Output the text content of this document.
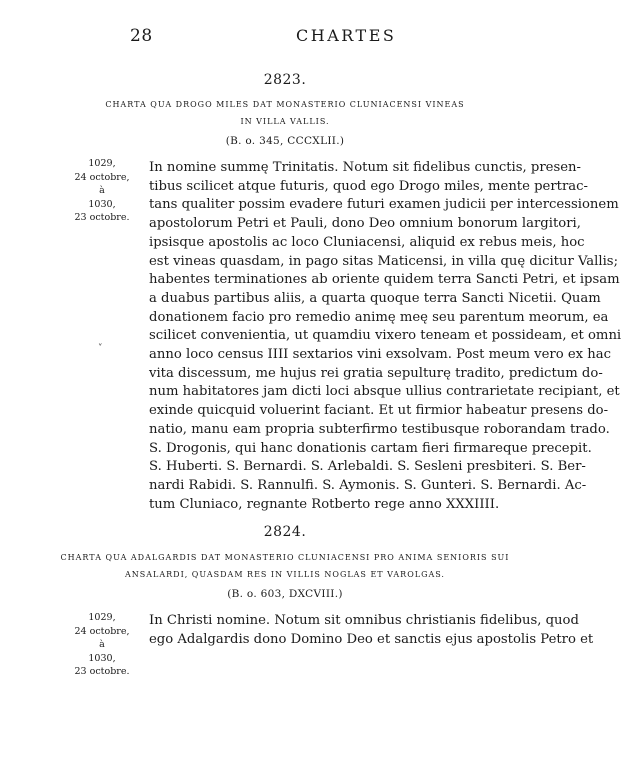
28	CHARTES
2823.
CHARTA QUA DROGO MILES DAT MONASTERIO CLUNIACENSI VINEAS
IN VILLA VALLIS.
(B. o. 345, CCCXLII.)
1029,
24 octobre,
à
1030,
23 octobre.
In nomine summę Trinitatis. Notum sit fidelibus cunctis, presen-
tibus scilicet atque futuris, quod ego Drogo miles, mente pertrac-
tans qualiter possim evadere futuri examen judicii per intercessionem
apostolorum Petri et Pauli, dono Deo omnium bonorum largitori,
ipsisque apostolis ac loco Cluniacensi, aliquid ex rebus meis, hoc
est vineas quasdam, in pago sitas Maticensi, in villa quę dicitur Vallis;
habentes terminationes ab oriente quidem terra Sancti Petri, et ipsam
a duabus partibus aliis, a quarta quoque terra Sancti Nicetii. Quam
donationem facio pro remedio animę meę seu parentum meorum, ea
scilicet convenientia, ut quamdiu vixero teneam et possideam, et omni
anno loco census IIII sextarios vini exsolvam. Post meum vero ex hac
vita discessum, me hujus rei gratia sepulturę tradito, predictum do-
num habitatores jam dicti loci absque ullius contrarietate recipiant, et
exinde quicquid voluerint faciant. Et ut firmior habeatur presens do-
natio, manu eam propria subterfirmo testibusque roborandam trado.
S. Drogonis, qui hanc donationis cartam fieri firmareque precepit.
S. Huberti. S. Bernardi. S. Arlebaldi. S. Sesleni presbiteri. S. Ber-
nardi Rabidi. S. Rannulfi. S. Aymonis. S. Gunteri. S. Bernardi. Ac-
tum Cluniaco, regnante Rotberto rege anno XXXIIII.
˅
2824.
CHARTA QUA ADALGARDIS DAT MONASTERIO CLUNIACENSI PRO ANIMA SENIORIS SUI
ANSALARDI, QUASDAM RES IN VILLIS NOGLAS ET VAROLGAS.
(B. o. 603, DXCVIII.)
1029,
24 octobre,
à
1030,
23 octobre.
In Christi nomine. Notum sit omnibus christianis fidelibus, quod
ego Adalgardis dono Domino Deo et sanctis ejus apostolis Petro et
